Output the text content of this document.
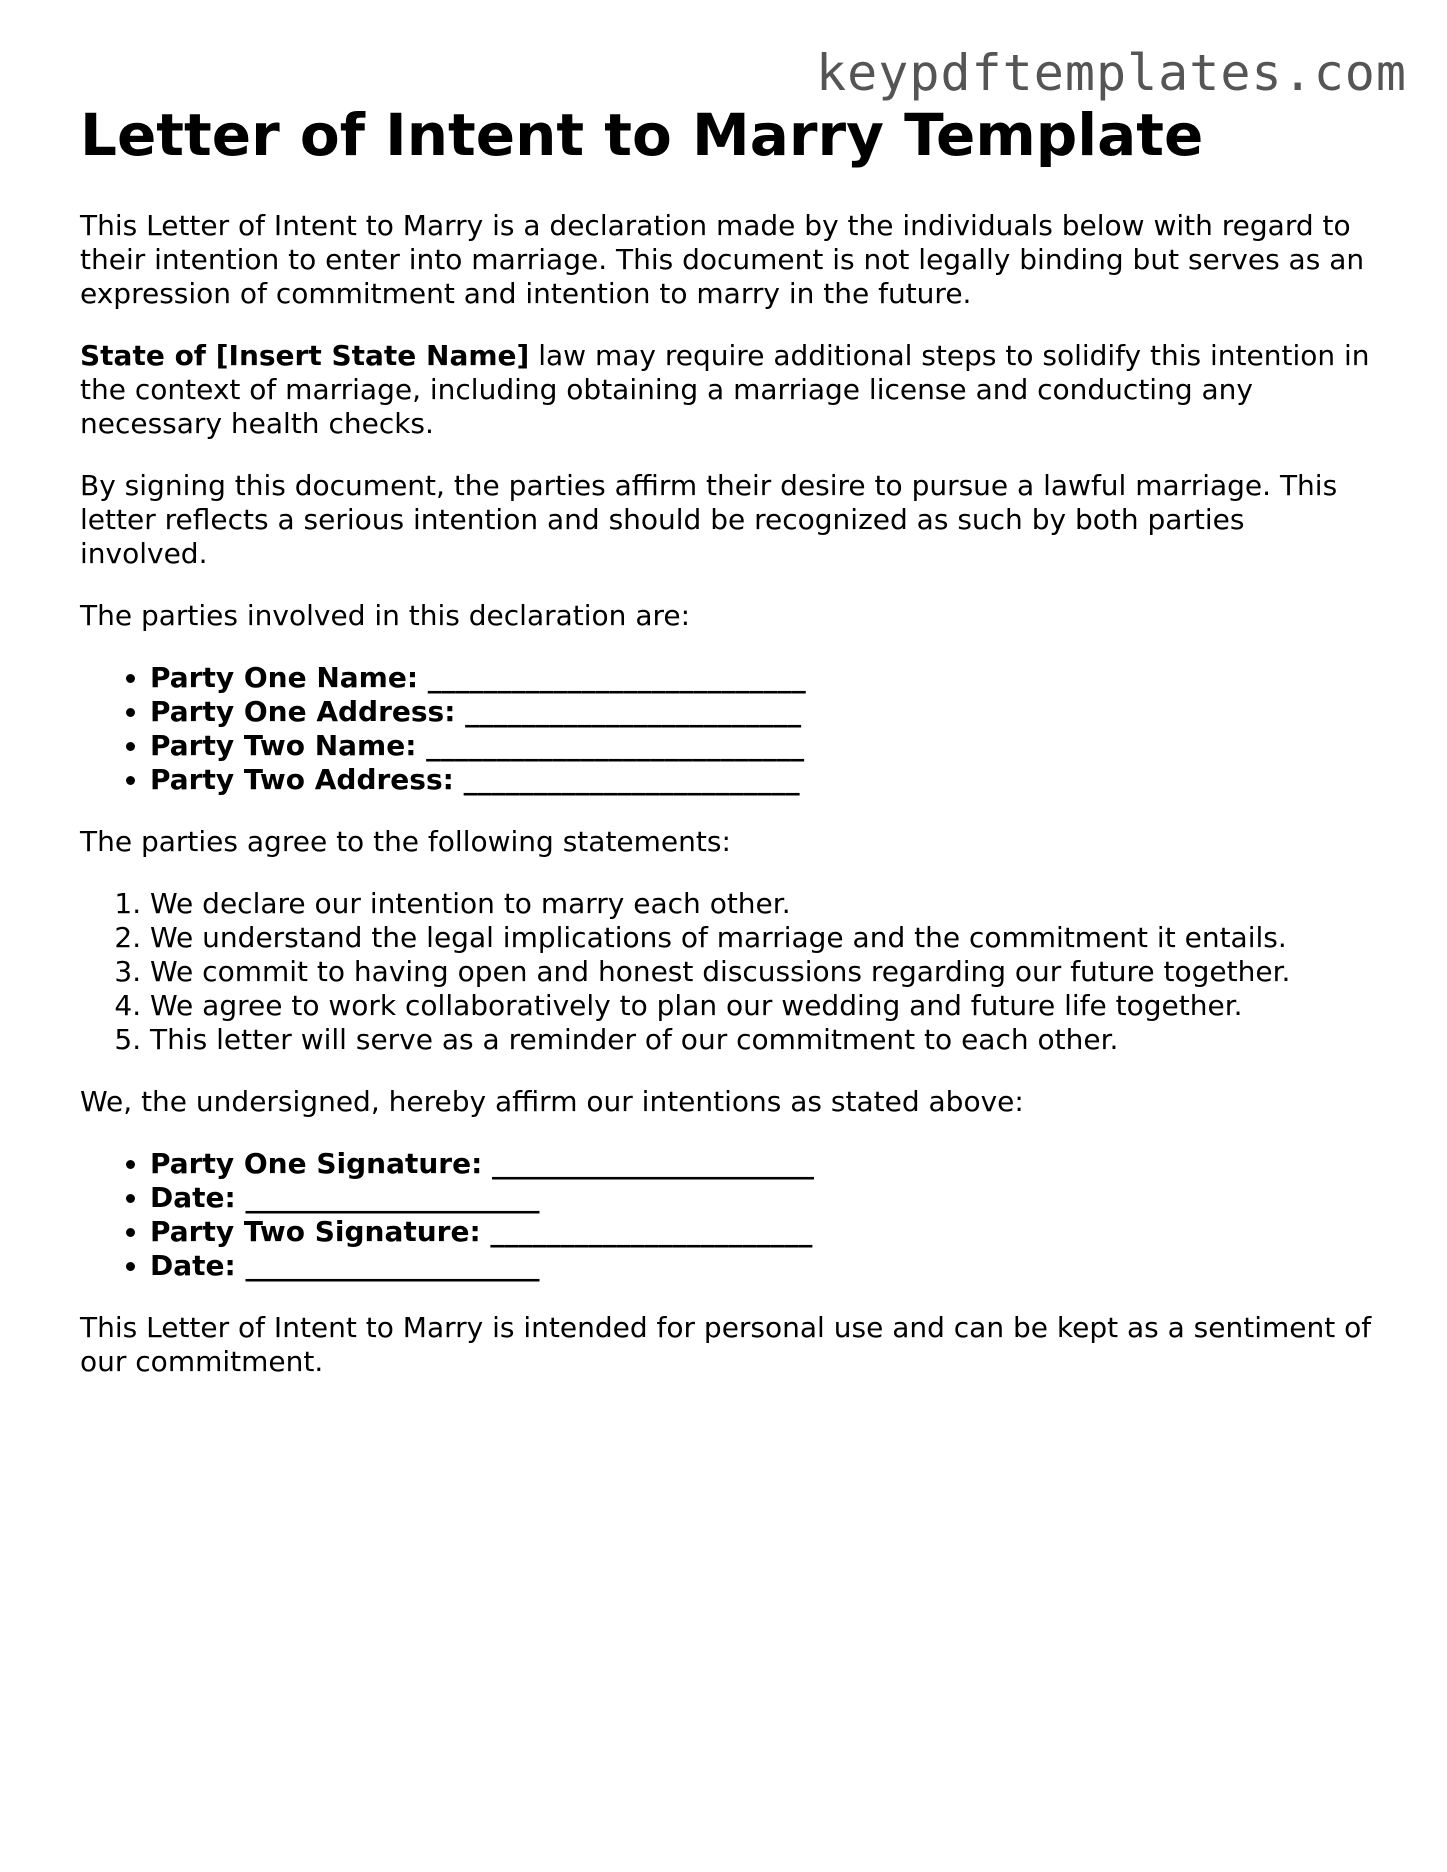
keypdftemplates.com
Letter of Intent to Marry Template

This Letter of Intent to Marry is a declaration made by the individuals below with regard to their intention to enter into marriage. This document is not legally binding but serves as an expression of commitment and intention to marry in the future.

State of [Insert State Name] law may require additional steps to solidify this intention in the context of marriage, including obtaining a marriage license and conducting any necessary health checks.

By signing this document, the parties affirm their desire to pursue a lawful marriage. This letter reflects a serious intention and should be recognized as such by both parties involved.

The parties involved in this declaration are:

• Party One Name: ___________________________
• Party One Address: ________________________
• Party Two Name: ___________________________
• Party Two Address: ________________________

The parties agree to the following statements:

1. We declare our intention to marry each other.
2. We understand the legal implications of marriage and the commitment it entails.
3. We commit to having open and honest discussions regarding our future together.
4. We agree to work collaboratively to plan our wedding and future life together.
5. This letter will serve as a reminder of our commitment to each other.

We, the undersigned, hereby affirm our intentions as stated above:

• Party One Signature: _______________________
• Date: _____________________
• Party Two Signature: _______________________
• Date: _____________________

This Letter of Intent to Marry is intended for personal use and can be kept as a sentiment of our commitment.
